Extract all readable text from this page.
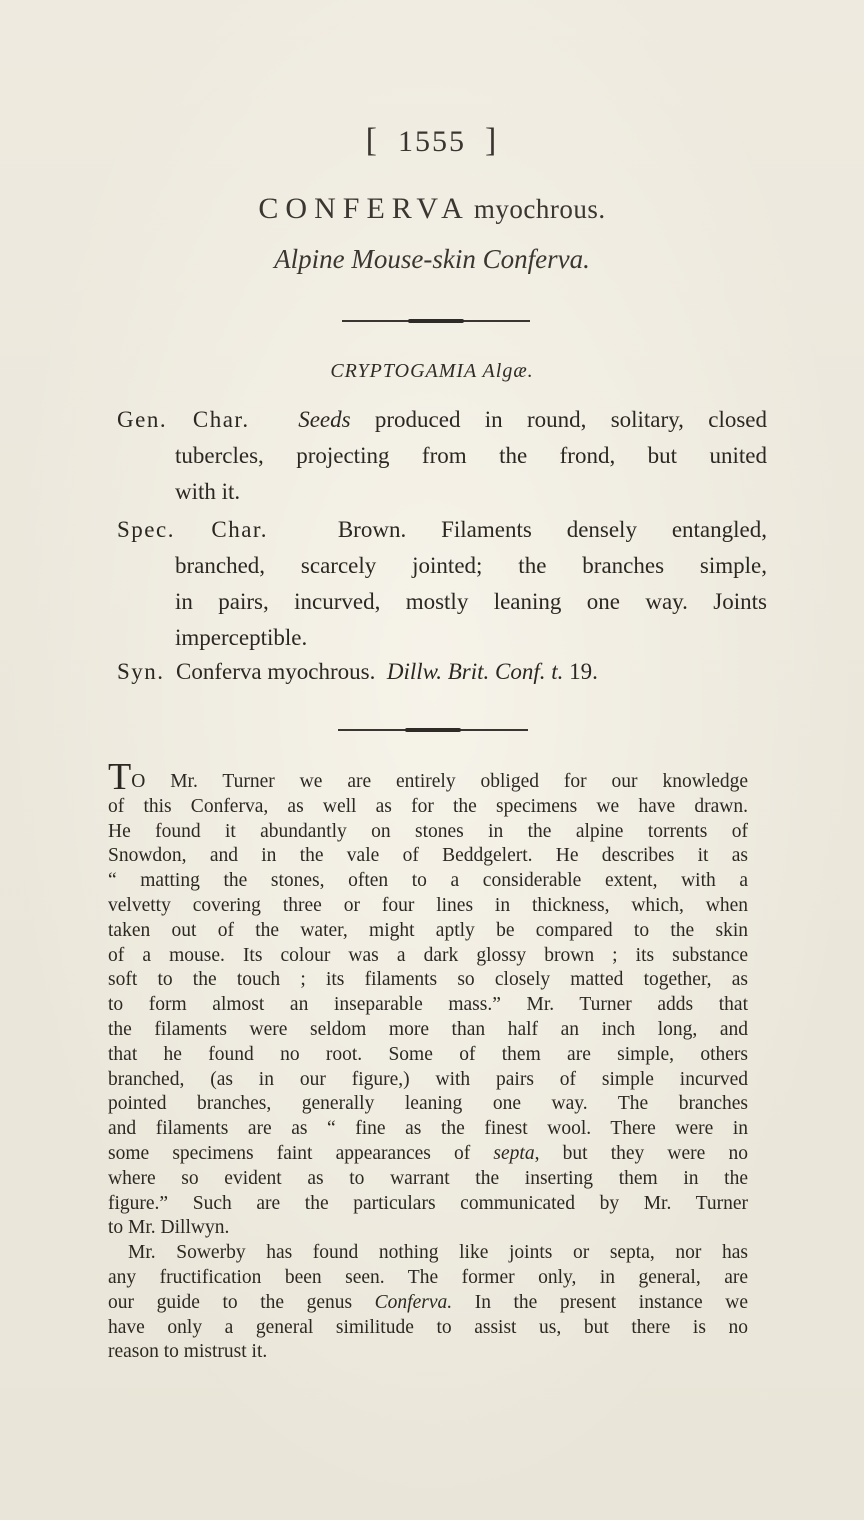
[ 1555 ]
CONFERVA myochrous.
Alpine Mouse-skin Conferva.
CRYPTOGAMIA Algæ.
Gen. Char. Seeds produced in round, solitary, closed
tubercles, projecting from the frond, but united
with it.
Spec. Char.	Brown. Filaments densely entangled,
branched, scarcely jointed; the branches simple,
in pairs, incurved, mostly leaning one way. Joints
imperceptible.
Syn. Conferva myochrous. Dillw. Brit. Conf. t. 19.
TO Mr. Turner we are entirely obliged for our knowledge
of this Conferva, as well as for the specimens we have drawn.
He found it abundantly on stones in the alpine torrents of
Snowdon, and in the vale of Beddgelert. He describes it as
“ matting the stones, often to a considerable extent, with a
velvetty covering three or four lines in thickness, which, when
taken out of the water, might aptly be compared to the skin
of a mouse. Its colour was a dark glossy brown ; its substance
soft to the touch ; its filaments so closely matted together, as
to form almost an inseparable mass.” Mr. Turner adds that
the filaments were seldom more than half an inch long, and
that he found no root. Some of them are simple, others
branched, (as in our figure,) with pairs of simple incurved
pointed branches, generally leaning one way. The branches
and filaments are as “ fine as the finest wool. There were in
some specimens faint appearances of septa, but they were no
where so evident as to warrant the inserting them in the
figure.” Such are the particulars communicated by Mr. Turner
to Mr. Dillwyn.
Mr. Sowerby has found nothing like joints or septa, nor has
any fructification been seen. The former only, in general, are
our guide to the genus Conferva. In the present instance we
have only a general similitude to assist us, but there is no
reason to mistrust it.
